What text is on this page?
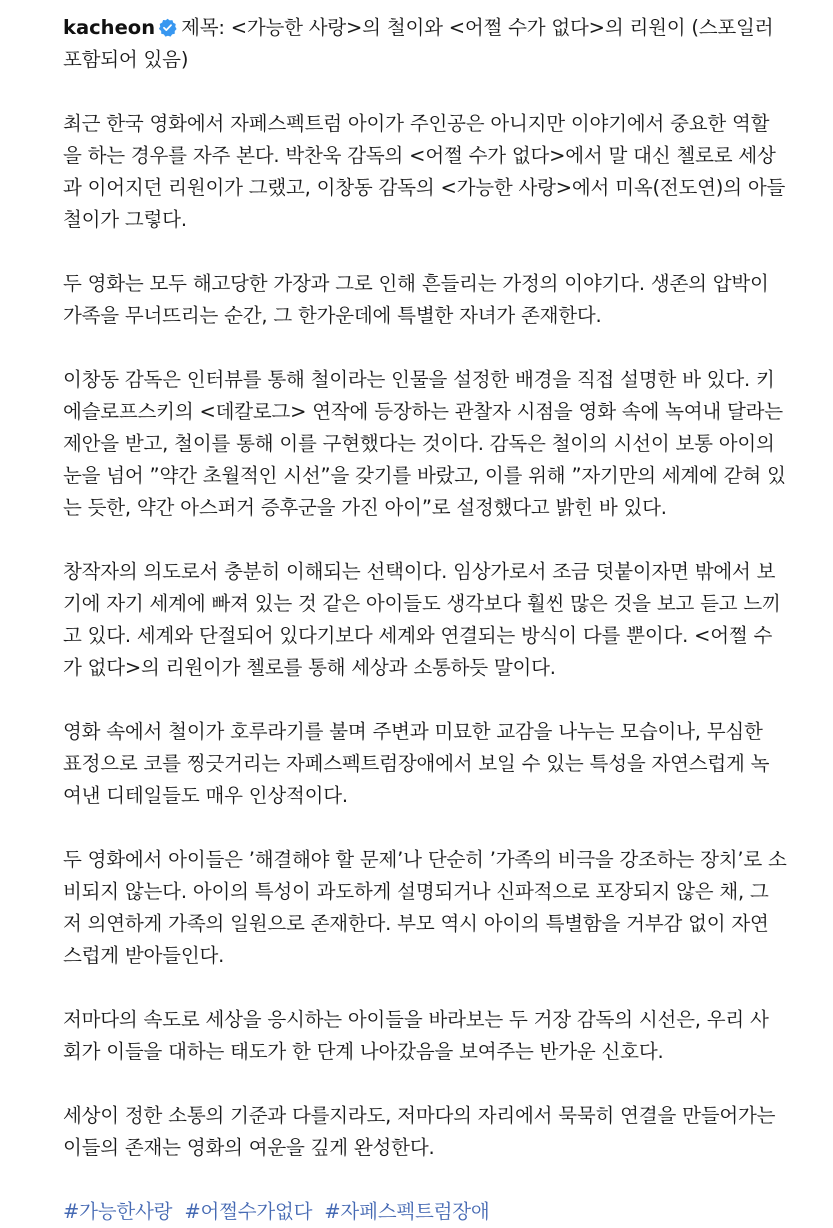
kacheon 제목: <가능한 사랑>의 철이와 <어쩔 수가 없다>의 리원이 (스포일러 포함되어 있음)

최근 한국 영화에서 자페스펙트럼 아이가 주인공은 아니지만 이야기에서 중요한 역할을 하는 경우를 자주 본다. 박찬욱 감독의 <어쩔 수가 없다>에서 말 대신 첼로로 세상과 이어지던 리원이가 그랬고, 이창동 감독의 <가능한 사랑>에서 미옥(전도연)의 아들 철이가 그렇다.

두 영화는 모두 해고당한 가장과 그로 인해 흔들리는 가정의 이야기다. 생존의 압박이 가족을 무너뜨리는 순간, 그 한가운데에 특별한 자녀가 존재한다.

이창동 감독은 인터뷰를 통해 철이라는 인물을 설정한 배경을 직접 설명한 바 있다. 키에슬로프스키의 <데칼로그> 연작에 등장하는 관찰자 시점을 영화 속에 녹여내 달라는 제안을 받고, 철이를 통해 이를 구현했다는 것이다. 감독은 철이의 시선이 보통 아이의 눈을 넘어 ”약간 초월적인 시선”을 갖기를 바랐고, 이를 위해 ”자기만의 세계에 갇혀 있는 듯한, 약간 아스퍼거 증후군을 가진 아이”로 설정했다고 밝힌 바 있다.

창작자의 의도로서 충분히 이해되는 선택이다. 임상가로서 조금 덧붙이자면 밖에서 보기에 자기 세계에 빠져 있는 것 같은 아이들도 생각보다 훨씬 많은 것을 보고 듣고 느끼고 있다. 세계와 단절되어 있다기보다 세계와 연결되는 방식이 다를 뿐이다. <어쩔 수가 없다>의 리원이가 첼로를 통해 세상과 소통하듯 말이다.

영화 속에서 철이가 호루라기를 불며 주변과 미묘한 교감을 나누는 모습이나, 무심한 표정으로 코를 찡긋거리는 자페스펙트럼장애에서 보일 수 있는 특성을 자연스럽게 녹여낸 디테일들도 매우 인상적이다.

두 영화에서 아이들은 ’해결해야 할 문제’나 단순히 ’가족의 비극을 강조하는 장치’로 소비되지 않는다. 아이의 특성이 과도하게 설명되거나 신파적으로 포장되지 않은 채, 그저 의연하게 가족의 일원으로 존재한다. 부모 역시 아이의 특별함을 거부감 없이 자연스럽게 받아들인다.

저마다의 속도로 세상을 응시하는 아이들을 바라보는 두 거장 감독의 시선은, 우리 사회가 이들을 대하는 태도가 한 단계 나아갔음을 보여주는 반가운 신호다.

세상이 정한 소통의 기준과 다를지라도, 저마다의 자리에서 묵묵히 연결을 만들어가는 이들의 존재는 영화의 여운을 깊게 완성한다.

#가능한사랑 #어쩔수가없다 #자페스펙트럼장애
